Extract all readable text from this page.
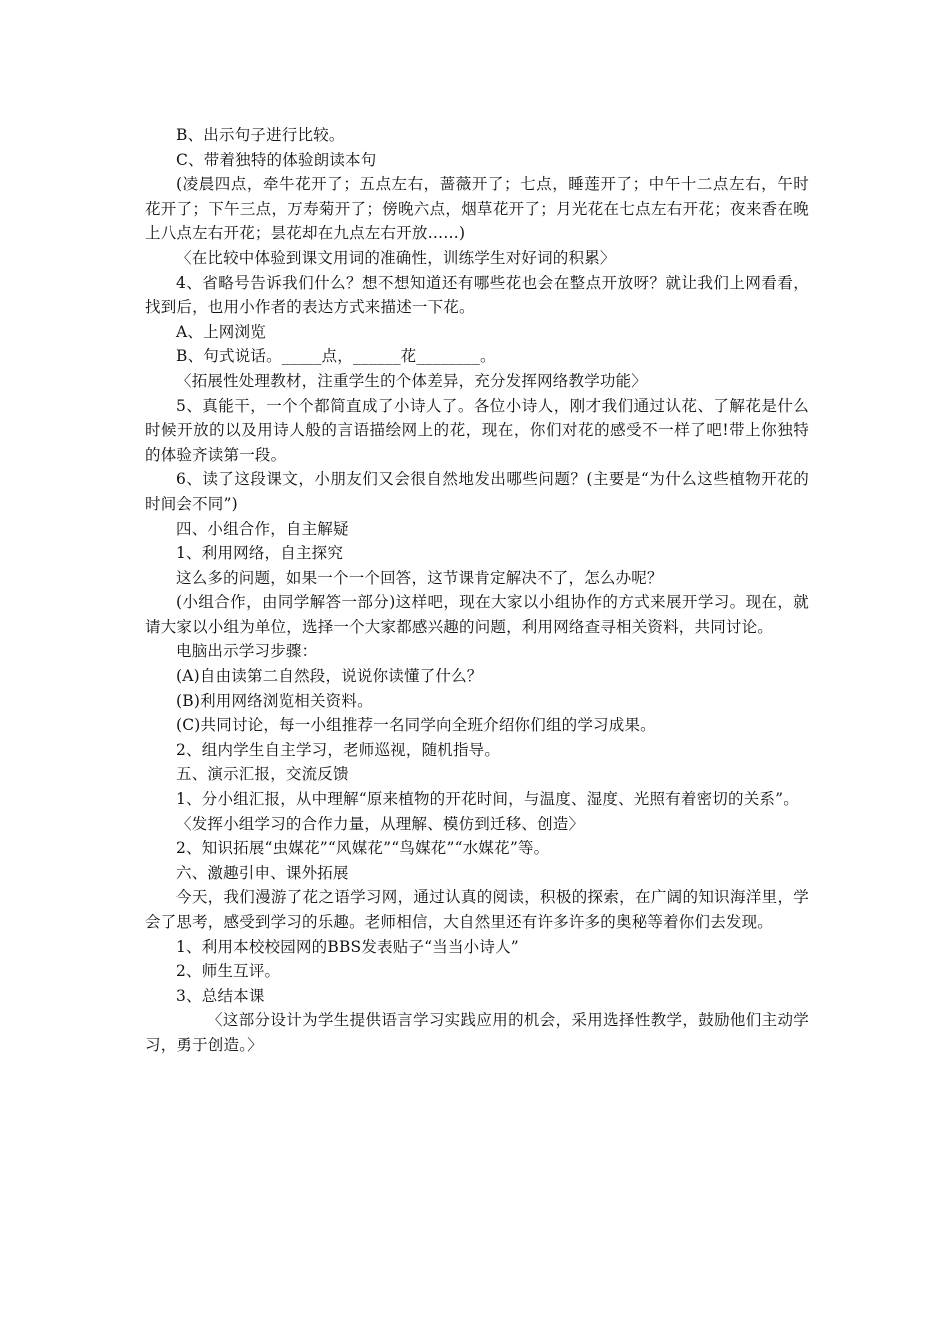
B、出示句子进行比较。

C、带着独特的体验朗读本句

(凌晨四点，牵牛花开了；五点左右，蔷薇开了；七点，睡莲开了；中午十二点左右，午时花开了；下午三点，万寿菊开了；傍晚六点，烟草花开了；月光花在七点左右开花；夜来香在晚上八点左右开花；昙花却在九点左右开放……)

〈在比较中体验到课文用词的准确性，训练学生对好词的积累〉

4、省略号告诉我们什么？想不想知道还有哪些花也会在整点开放呀？就让我们上网看看，找到后，也用小作者的表达方式来描述一下花。

A、上网浏览

B、句式说话。_____点，______花________。

〈拓展性处理教材，注重学生的个体差异，充分发挥网络教学功能〉

5、真能干，一个个都简直成了小诗人了。各位小诗人，刚才我们通过认花、了解花是什么时候开放的以及用诗人般的言语描绘网上的花，现在，你们对花的感受不一样了吧!带上你独特的体验齐读第一段。

6、读了这段课文，小朋友们又会很自然地发出哪些问题？(主要是“为什么这些植物开花的时间会不同”)

四、小组合作，自主解疑

1、利用网络，自主探究

这么多的问题，如果一个一个回答，这节课肯定解决不了，怎么办呢？

(小组合作，由同学解答一部分)这样吧，现在大家以小组协作的方式来展开学习。现在，就请大家以小组为单位，选择一个大家都感兴趣的问题，利用网络查寻相关资料，共同讨论。

电脑出示学习步骤：

(A)自由读第二自然段，说说你读懂了什么？

(B)利用网络浏览相关资料。

(C)共同讨论，每一小组推荐一名同学向全班介绍你们组的学习成果。

2、组内学生自主学习，老师巡视，随机指导。

五、演示汇报，交流反馈

1、分小组汇报，从中理解“原来植物的开花时间，与温度、湿度、光照有着密切的关系”。

〈发挥小组学习的合作力量，从理解、模仿到迁移、创造〉

2、知识拓展“虫媒花”“风媒花”“鸟媒花”“水媒花”等。

六、激趣引申、课外拓展

今天，我们漫游了花之语学习网，通过认真的阅读，积极的探索，在广阔的知识海洋里，学会了思考，感受到学习的乐趣。老师相信，大自然里还有许多许多的奥秘等着你们去发现。

1、利用本校校园网的BBS发表贴子“当当小诗人”

2、师生互评。

3、总结本课

〈这部分设计为学生提供语言学习实践应用的机会，采用选择性教学，鼓励他们主动学习，勇于创造。〉
